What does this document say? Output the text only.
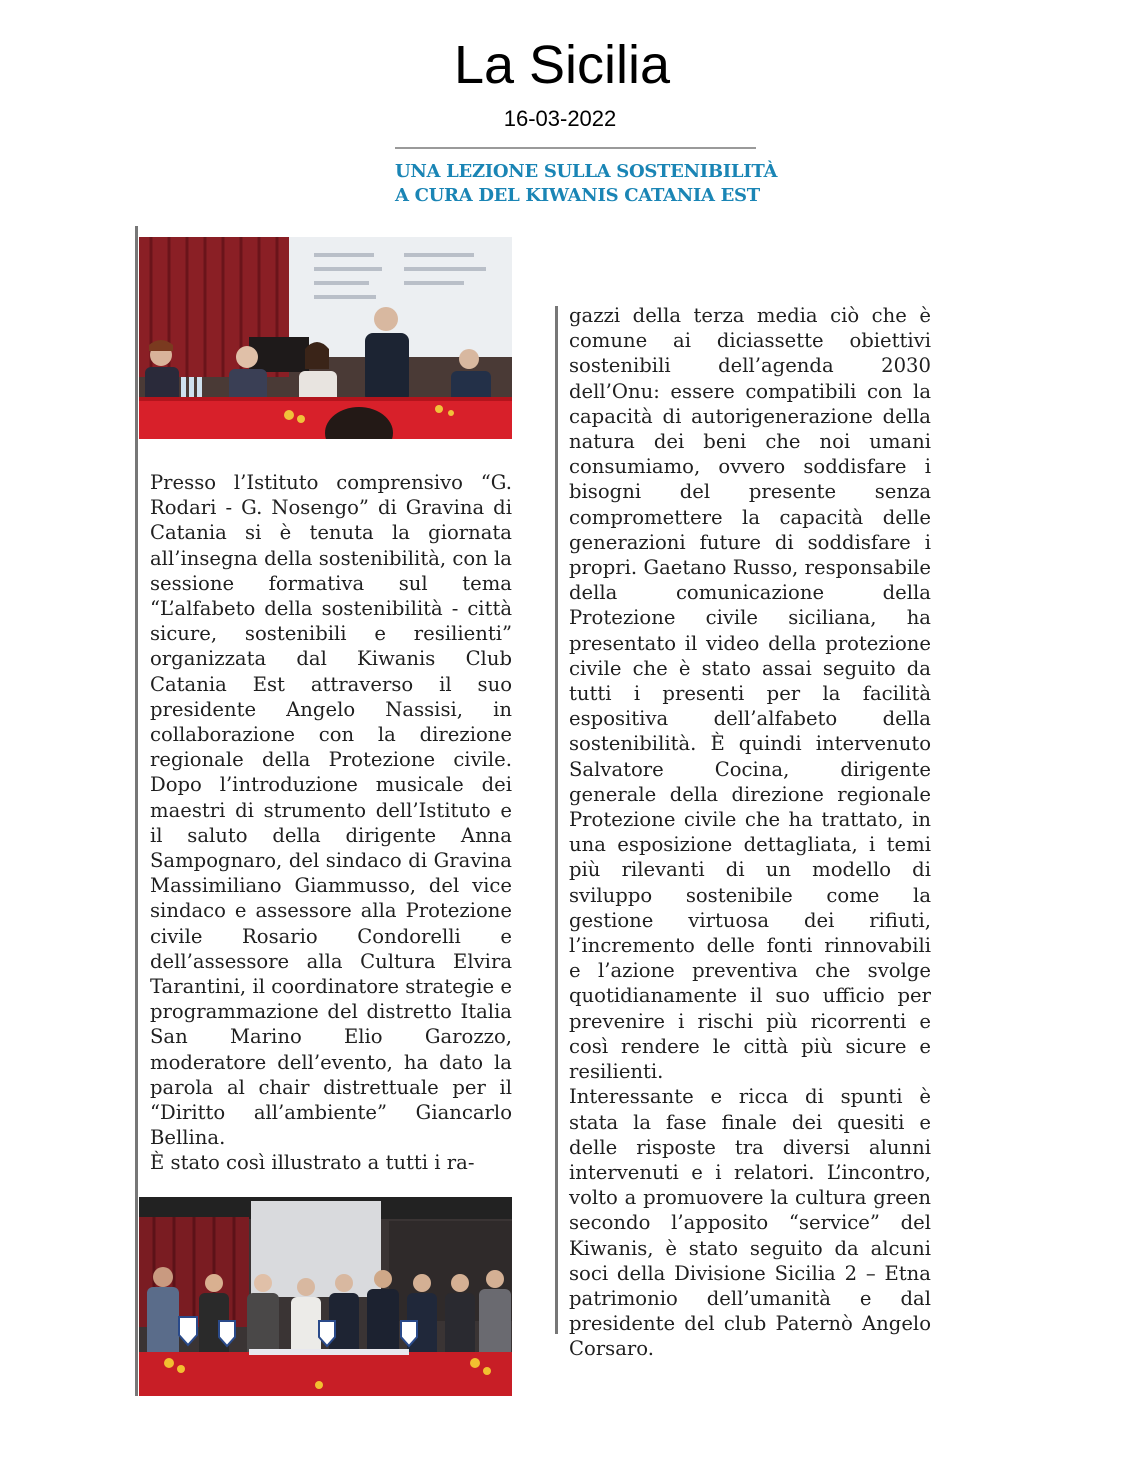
La Sicilia
16-03-2022
UNA LEZIONE SULLA SOSTENIBILITÀ
A CURA DEL KIWANIS CATANIA EST

Presso l’Istituto comprensivo “G. Rodari - G. Nosengo” di Gravina di Catania si è tenuta la giornata all’insegna della sostenibilità, con la sessione formativa sul tema “L’alfabeto della sostenibilità - città sicure, sostenibili e resilienti” organizzata dal Kiwanis Club Catania Est attraverso il suo presidente Angelo Nassisi, in collaborazione con la direzione regionale della Protezione civile. Dopo l’introduzione musicale dei maestri di strumento dell’Istituto e il saluto della dirigente Anna Sampognaro, del sindaco di Gravina Massimiliano Giammusso, del vice sindaco e assessore alla Protezione civile Rosario Condorelli e dell’assessore alla Cultura Elvira Tarantini, il coordinatore strategie e programmazione del distretto Italia San Marino Elio Garozzo, moderatore dell’evento, ha dato la parola al chair distrettuale per il “Diritto all’ambiente” Giancarlo Bellina.

È stato così illustrato a tutti i ra-

gazzi della terza media ciò che è comune ai diciassette obiettivi sostenibili dell’agenda 2030 dell’Onu: essere compatibili con la capacità di autorigenerazione della natura dei beni che noi umani consumiamo, ovvero soddisfare i bisogni del presente senza compromettere la capacità delle generazioni future di soddisfare i propri. Gaetano Russo, responsabile della comunicazione della Protezione civile siciliana, ha presentato il video della protezione civile che è stato assai seguito da tutti i presenti per la facilità espositiva dell’alfabeto della sostenibilità. È quindi intervenuto Salvatore Cocina, dirigente generale della direzione regionale Protezione civile che ha trattato, in una esposizione dettagliata, i temi più rilevanti di un modello di sviluppo sostenibile come la gestione virtuosa dei rifiuti, l’incremento delle fonti rinnovabili e l’azione preventiva che svolge quotidianamente il suo ufficio per prevenire i rischi più ricorrenti e così rendere le città più sicure e resilienti.

Interessante e ricca di spunti è stata la fase finale dei quesiti e delle risposte tra diversi alunni intervenuti e i relatori. L’incontro, volto a promuovere la cultura green secondo l’apposito “service” del Kiwanis, è stato seguito da alcuni soci della Divisione Sicilia 2 – Etna patrimonio dell’umanità e dal presidente del club Paternò Angelo Corsaro.
